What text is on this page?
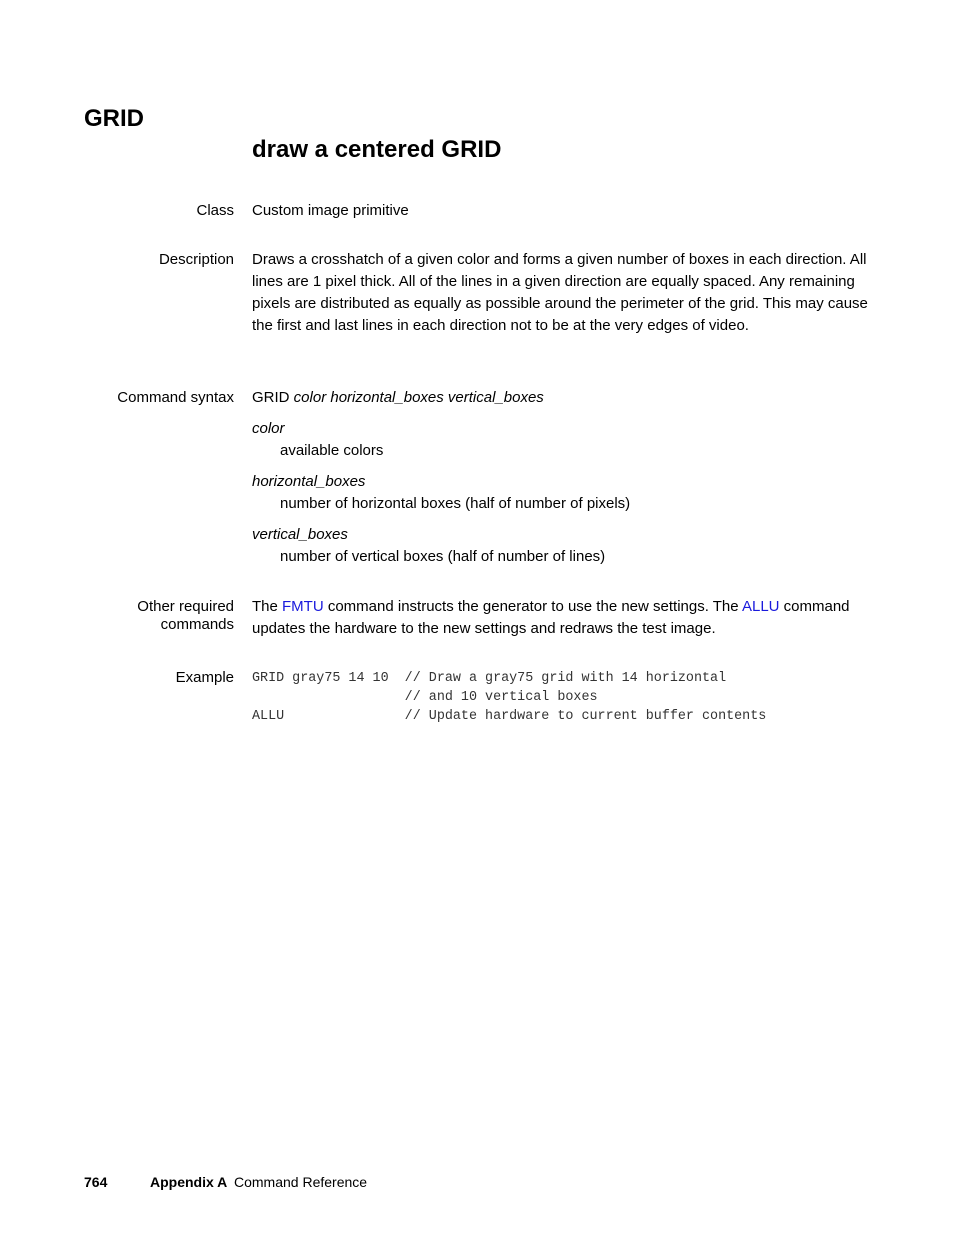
GRID
draw a centered GRID
Class Custom image primitive
Description Draws a crosshatch of a given color and forms a given number of boxes in each direction. All lines are 1 pixel thick. All of the lines in a given direction are equally spaced. Any remaining pixels are distributed as equally as possible around the perimeter of the grid. This may cause the first and last lines in each direction not to be at the very edges of video.
Command syntax GRID color horizontal_boxes vertical_boxes
color
available colors
horizontal_boxes
number of horizontal boxes (half of number of pixels)
vertical_boxes
number of vertical boxes (half of number of lines)
Other required
commands
The FMTU command instructs the generator to use the new settings. The ALLU command updates the hardware to the new settings and redraws the test image.
Example GRID gray75 14 10  // Draw a gray75 grid with 14 horizontal
// and 10 vertical boxes
ALLU               // Update hardware to current buffer contents
764	Appendix A Command Reference
